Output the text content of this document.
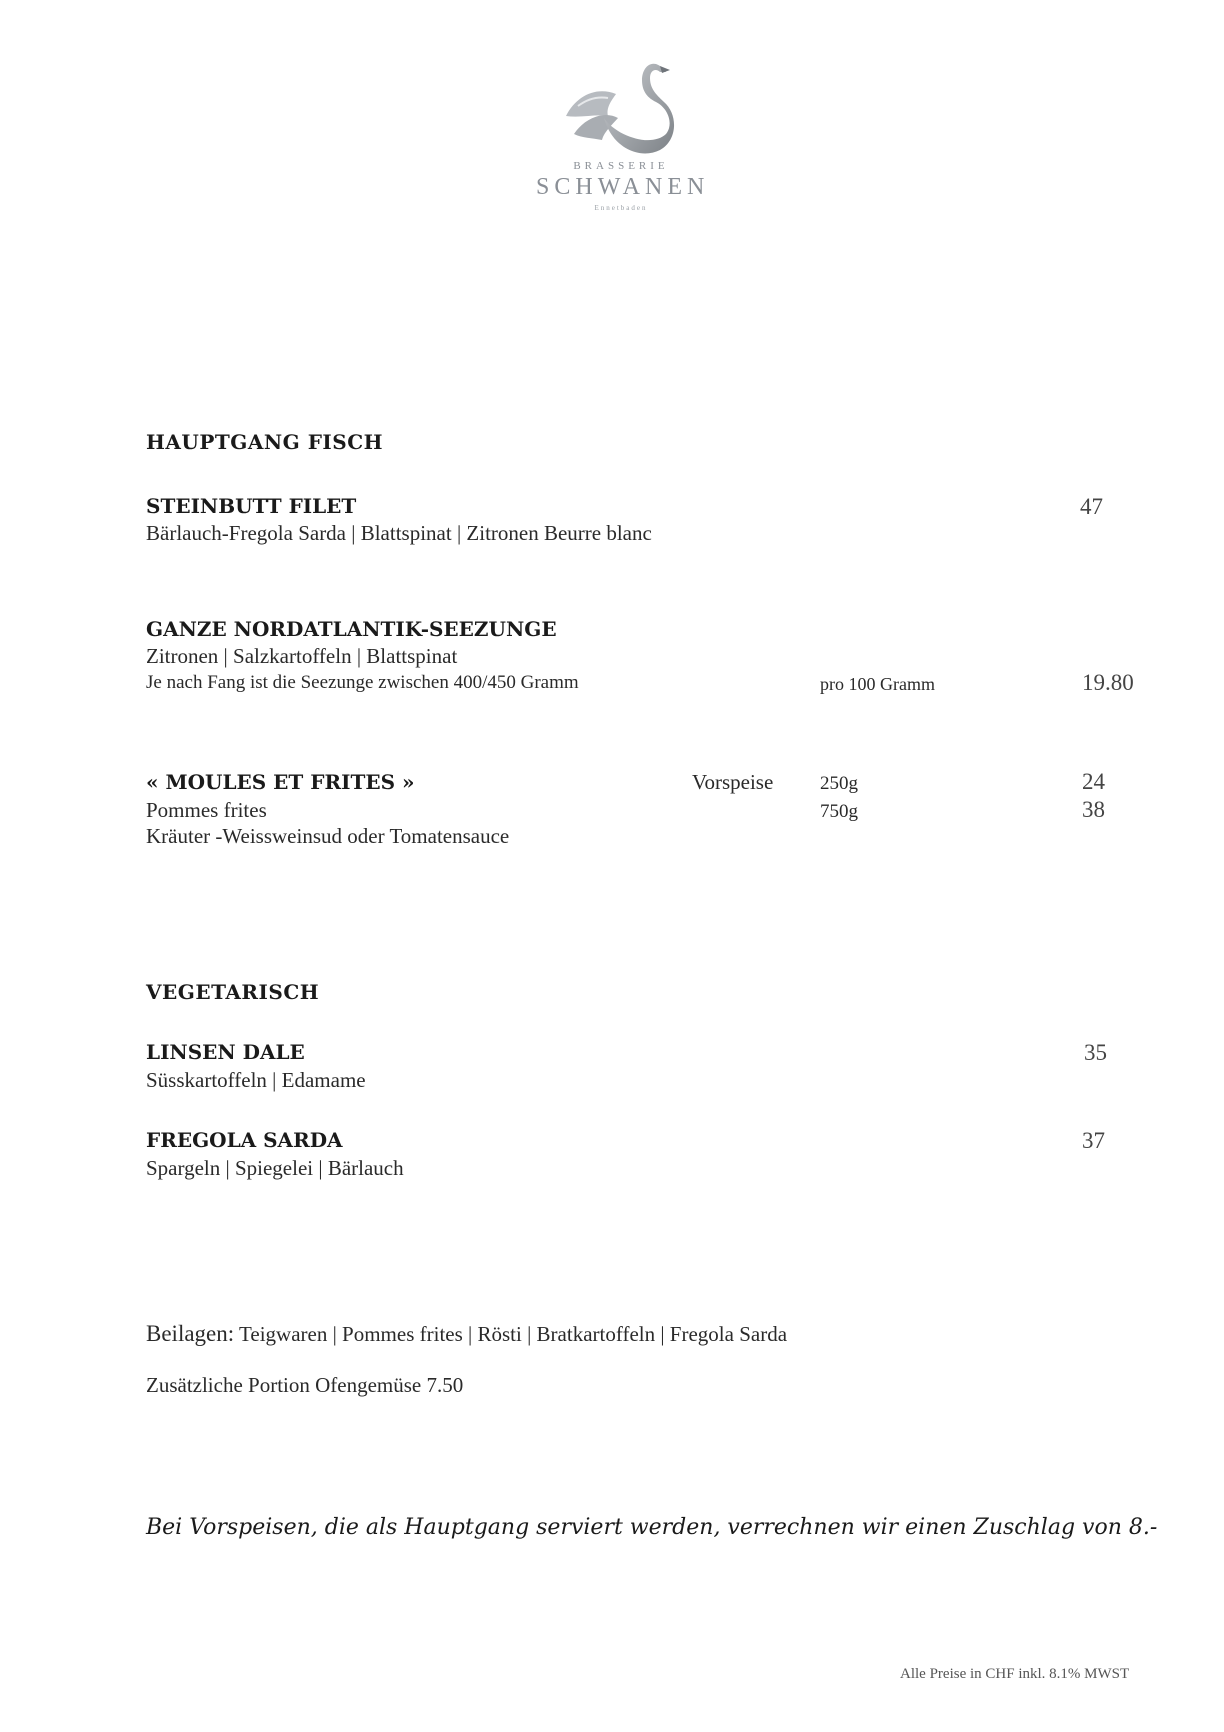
BRASSERIE
SCHWANEN
Ennetbaden
HAUPTGANG FISCH
STEINBUTT FILET	47
Bärlauch-Fregola Sarda | Blattspinat | Zitronen Beurre blanc
GANZE NORDATLANTIK-SEEZUNGE
Zitronen | Salzkartoffeln | Blattspinat
Je nach Fang ist die Seezunge zwischen 400/450 Gramm	pro 100 Gramm	19.80
« MOULES ET FRITES »	Vorspeise 250g	24
Pommes frites	750g	38
Kräuter -Weissweinsud oder Tomatensauce
VEGETARISCH
LINSEN DALE	35
Süsskartoffeln | Edamame
FREGOLA SARDA	37
Spargeln | Spiegelei | Bärlauch
Beilagen: Teigwaren | Pommes frites | Rösti | Bratkartoffeln | Fregola Sarda
Zusätzliche Portion Ofengemüse 7.50
Bei Vorspeisen, die als Hauptgang serviert werden, verrechnen wir einen Zuschlag von 8.-
Alle Preise in CHF inkl. 8.1% MWST
